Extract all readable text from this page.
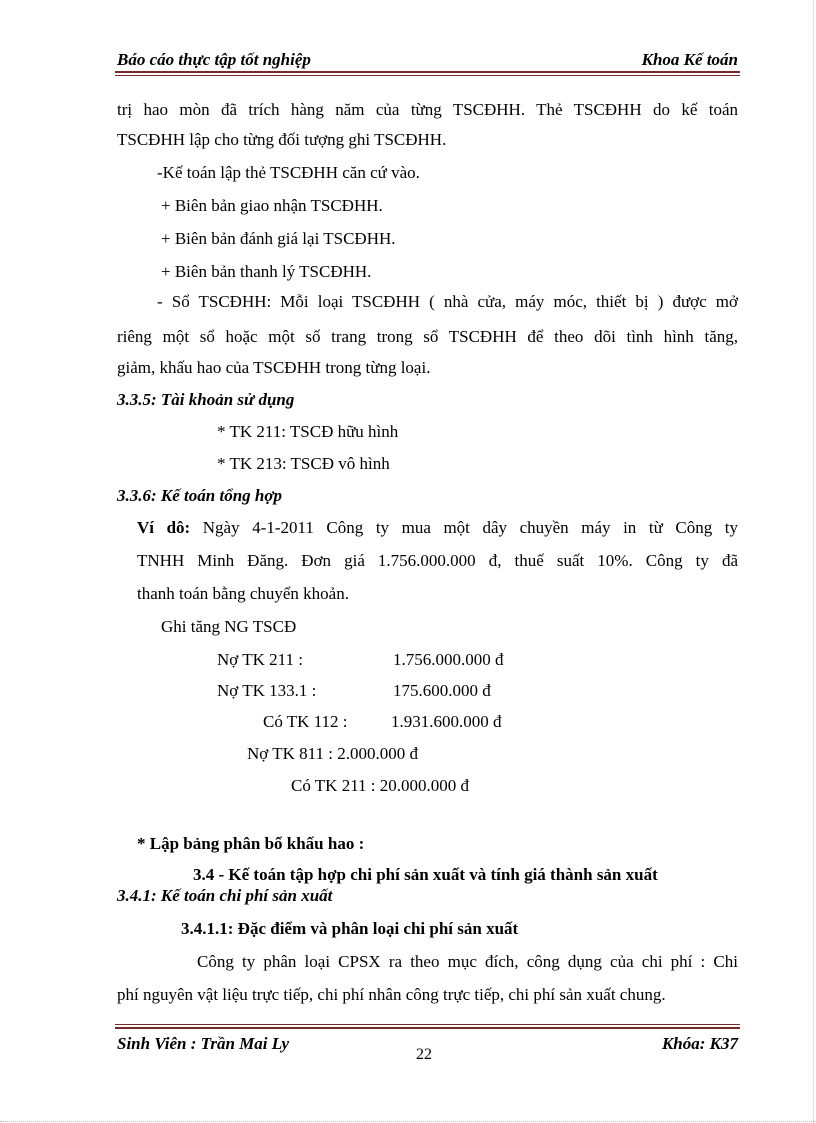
Báo cáo thực tập tốt nghiệp	Khoa Kế toán
trị hao mòn đã trích hàng năm của từng TSCĐHH. Thẻ TSCĐHH do kế toán
TSCĐHH lập cho từng đối tượng ghi TSCĐHH.
-Kế toán lập thẻ TSCĐHH căn cứ vào.
+ Biên bản giao nhận TSCĐHH.
+ Biên bản đánh giá lại TSCĐHH.
+ Biên bản thanh lý TSCĐHH.
- Sổ TSCĐHH: Mỗi loại TSCĐHH ( nhà cửa, máy móc, thiết bị ) được mở
riêng một sổ hoặc một số trang trong sổ TSCĐHH để theo dõi tình hình tăng,
giảm, khấu hao của TSCĐHH trong từng loại.
3.3.5: Tài khoản sử dụng
* TK 211: TSCĐ hữu hình
* TK 213: TSCĐ vô hình
3.3.6: Kế toán tổng hợp
Ví dô: Ngày 4-1-2011 Công ty mua một dây chuyền máy in từ Công ty
TNHH Minh Đăng. Đơn giá 1.756.000.000 đ, thuế suất 10%. Công ty đã
thanh toán bằng chuyển khoản.
Ghi tăng NG TSCĐ
Nợ TK 211 :	1.756.000.000 đ
Nợ TK 133.1 :	175.600.000 đ
Có TK 112 :	1.931.600.000 đ
Nợ TK 811 : 2.000.000 đ
Có TK 211 : 20.000.000 đ
* Lập bảng phân bổ khấu hao :
3.4 - Kế toán tập hợp chi phí sản xuất và tính giá thành sản xuất
3.4.1: Kế toán chi phí sản xuất
3.4.1.1: Đặc điểm và phân loại chi phí sản xuất
Công ty phân loại CPSX ra theo mục đích, công dụng của chi phí : Chi
phí nguyên vật liệu trực tiếp, chi phí nhân công trực tiếp, chi phí sản xuất chung.
Sinh Viên : Trần Mai Ly	Khóa: K37
22
